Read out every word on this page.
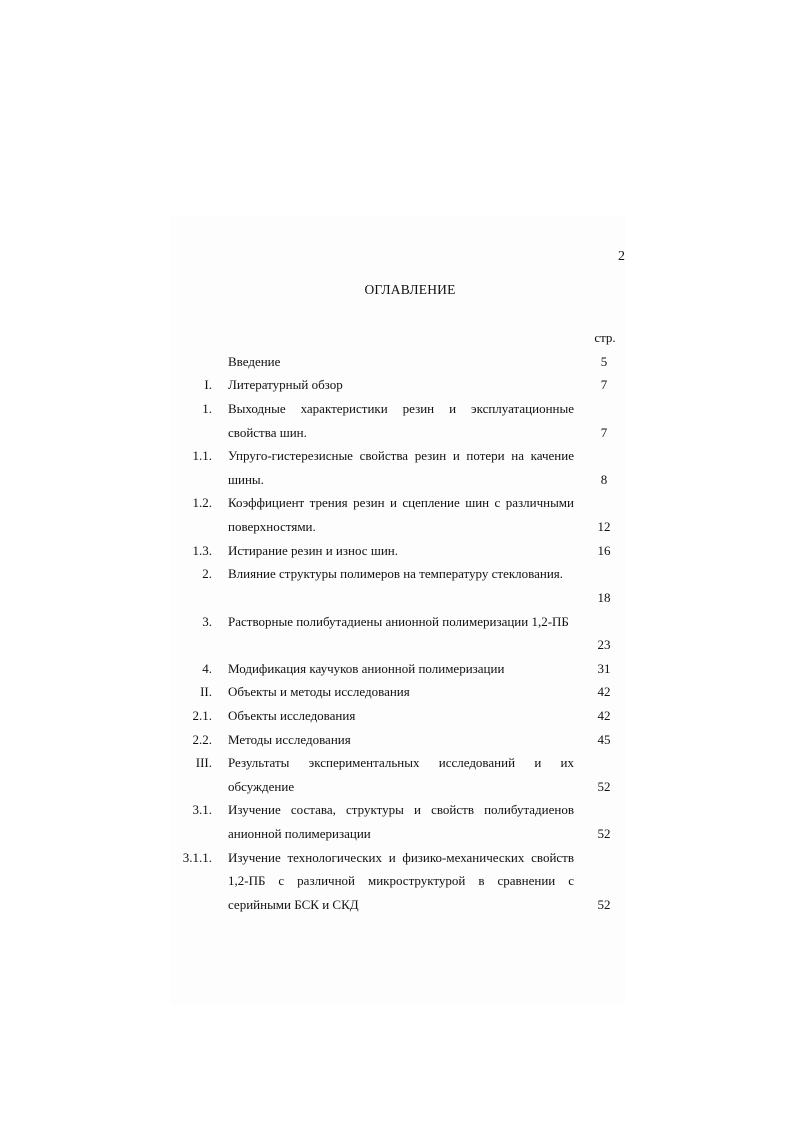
2
ОГЛАВЛЕНИЕ
стр.
Введение	5
I. Литературный обзор	7
1. Выходные характеристики резин и эксплуатационные
свойства шин.	7
1.1. Упруго-гистерезисные свойства резин и потери на качение
шины.	8
1.2. Коэффициент трения резин и сцепление шин с различными
поверхностями.	12
1.3. Истирание резин и износ шин.	16
2. Влияние структуры полимеров на температуру стеклования.
18
3. Растворные полибутадиены анионной полимеризации 1,2-ПБ
23
4. Модификация каучуков анионной полимеризации	31
II. Объекты и методы исследования	42
2.1. Объекты исследования	42
2.2. Методы исследования	45
III. Результаты экспериментальных исследований и их
обсуждение	52
3.1. Изучение состава, структуры и свойств полибутадиенов
анионной полимеризации	52
3.1.1. Изучение технологических и физико-механических свойств
1,2-ПБ с различной микроструктурой в сравнении с
серийными БСК и СКД	52
